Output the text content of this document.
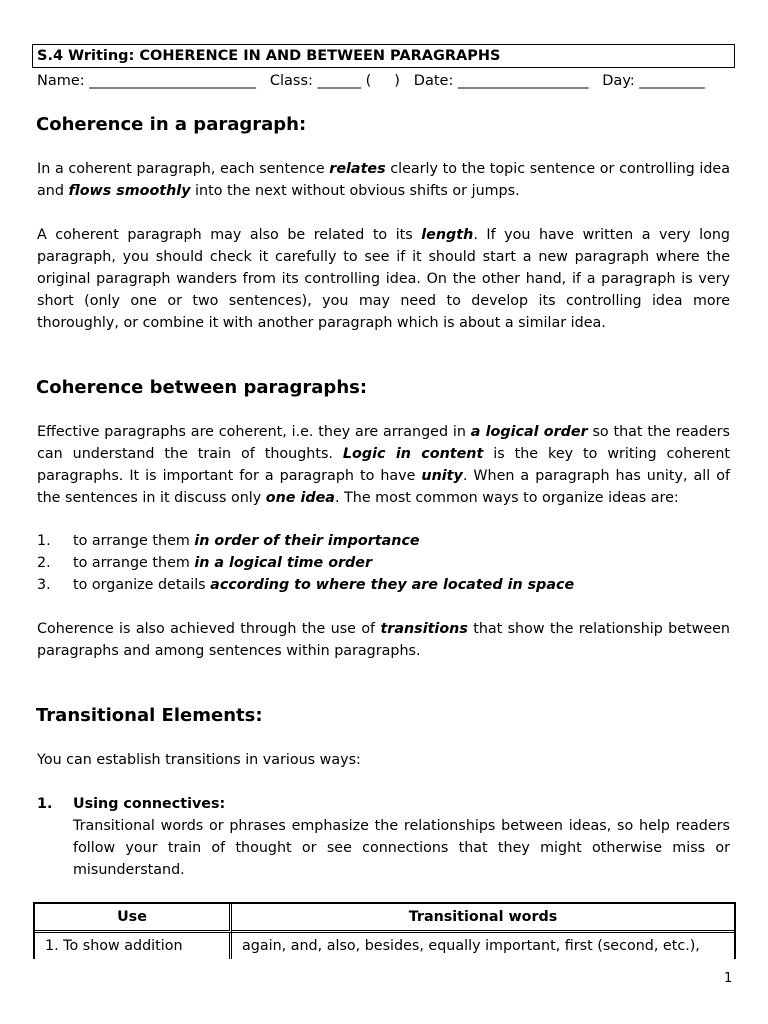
S.4 Writing: COHERENCE IN AND BETWEEN PARAGRAPHS
Name: _______________________   Class: ______ (     )   Date: __________________   Day: _________
Coherence in a paragraph:

In a coherent paragraph, each sentence relates clearly to the topic sentence or controlling idea and flows smoothly into the next without obvious shifts or jumps.

A coherent paragraph may also be related to its length. If you have written a very long paragraph, you should check it carefully to see if it should start a new paragraph where the original paragraph wanders from its controlling idea. On the other hand, if a paragraph is very short (only one or two sentences), you may need to develop its controlling idea more thoroughly, or combine it with another paragraph which is about a similar idea.

Coherence between paragraphs:

Effective paragraphs are coherent, i.e. they are arranged in a logical order so that the readers can understand the train of thoughts. Logic in content is the key to writing coherent paragraphs. It is important for a paragraph to have unity. When a paragraph has unity, all of the sentences in it discuss only one idea. The most common ways to organize ideas are:

1. to arrange them in order of their importance
2. to arrange them in a logical time order
3. to organize details according to where they are located in space

Coherence is also achieved through the use of transitions that show the relationship between paragraphs and among sentences within paragraphs.

Transitional Elements:

You can establish transitions in various ways:

1. Using connectives:

Transitional words or phrases emphasize the relationships between ideas, so help readers follow your train of thought or see connections that they might otherwise miss or misunderstand.

Use	Transitional words
1. To show addition	again, and, also, besides, equally important, first (second, etc.),
1
